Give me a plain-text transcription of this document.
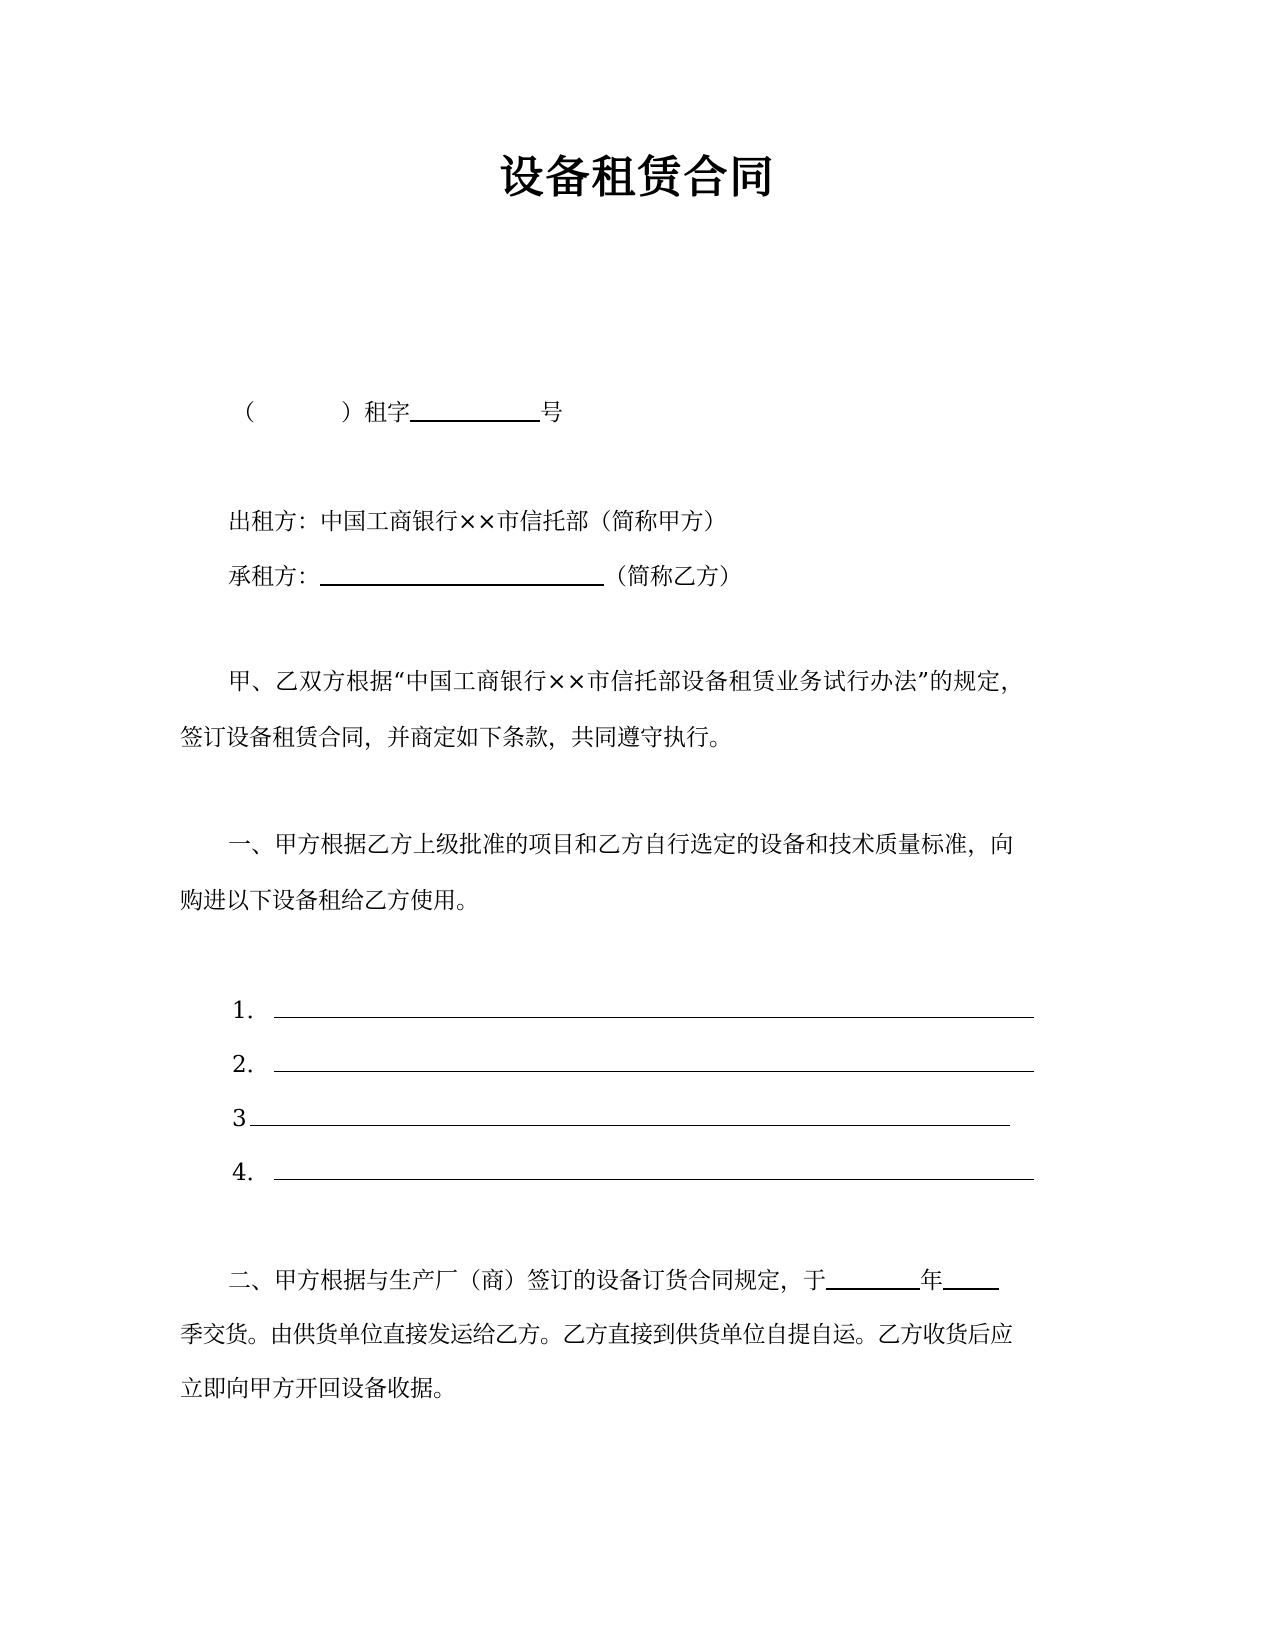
设备租赁合同
（	）租字	号
出租方：中国工商银行××市信托部（简称甲方）
承租方：	（简称乙方）
甲、乙双方根据“中国工商银行××市信托部设备租赁业务试行办法”的规定，
签订设备租赁合同，并商定如下条款，共同遵守执行。
一、甲方根据乙方上级批准的项目和乙方自行选定的设备和技术质量标准，向
购进以下设备租给乙方使用。
1．
2．
3
4．
二、甲方根据与生产厂（商）签订的设备订货合同规定，于	年
季交货。由供货单位直接发运给乙方。乙方直接到供货单位自提自运。乙方收货后应
立即向甲方开回设备收据。
